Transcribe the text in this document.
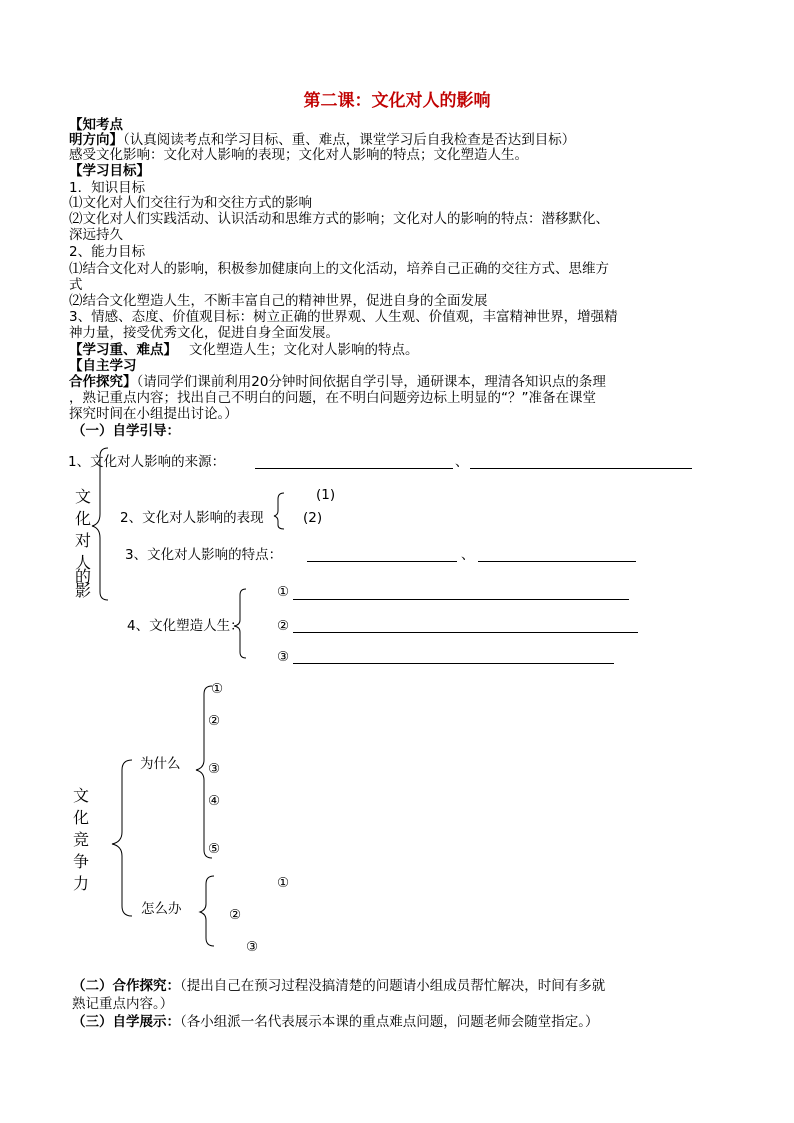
第二课：文化对人的影响
【知考点
明方向】（认真阅读考点和学习目标、重、难点，课堂学习后自我检查是否达到目标）
感受文化影响：文化对人影响的表现；文化对人影响的特点；文化塑造人生。
【学习目标】
1．知识目标
⑴文化对人们交往行为和交往方式的影响
⑵文化对人们实践活动、认识活动和思维方式的影响；文化对人的影响的特点：潜移默化、
深远持久
2、能力目标
⑴结合文化对人的影响，积极参加健康向上的文化活动，培养自己正确的交往方式、思维方
式
⑵结合文化塑造人生，不断丰富自己的精神世界，促进自身的全面发展
3、情感、态度、价值观目标：树立正确的世界观、人生观、价值观，丰富精神世界，增强精
神力量，接受优秀文化，促进自身全面发展。
【学习重、难点】 文化塑造人生；文化对人影响的特点。
【自主学习
合作探究】（请同学们课前利用20分钟时间依据自学引导，通研课本，理清各知识点的条理
，熟记重点内容；找出自己不明白的问题，在不明白问题旁边标上明显的“？”准备在课堂
探究时间在小组提出讨论。）
（一）自学引导：
文
化
对
人
的
影
1、文化对人影响的来源：	、
(1)
2、文化对人影响的表现	(2)
3、文化对人影响的特点：	、
4、文化塑造人生：
①
②
③
文
化
竞
争
力
为什么
①
②
③
④
⑤
怎么办
①
②
③
（二）合作探究：（提出自己在预习过程没搞清楚的问题请小组成员帮忙解决，时间有多就
熟记重点内容。）
（三）自学展示：（各小组派一名代表展示本课的重点难点问题，问题老师会随堂指定。）
